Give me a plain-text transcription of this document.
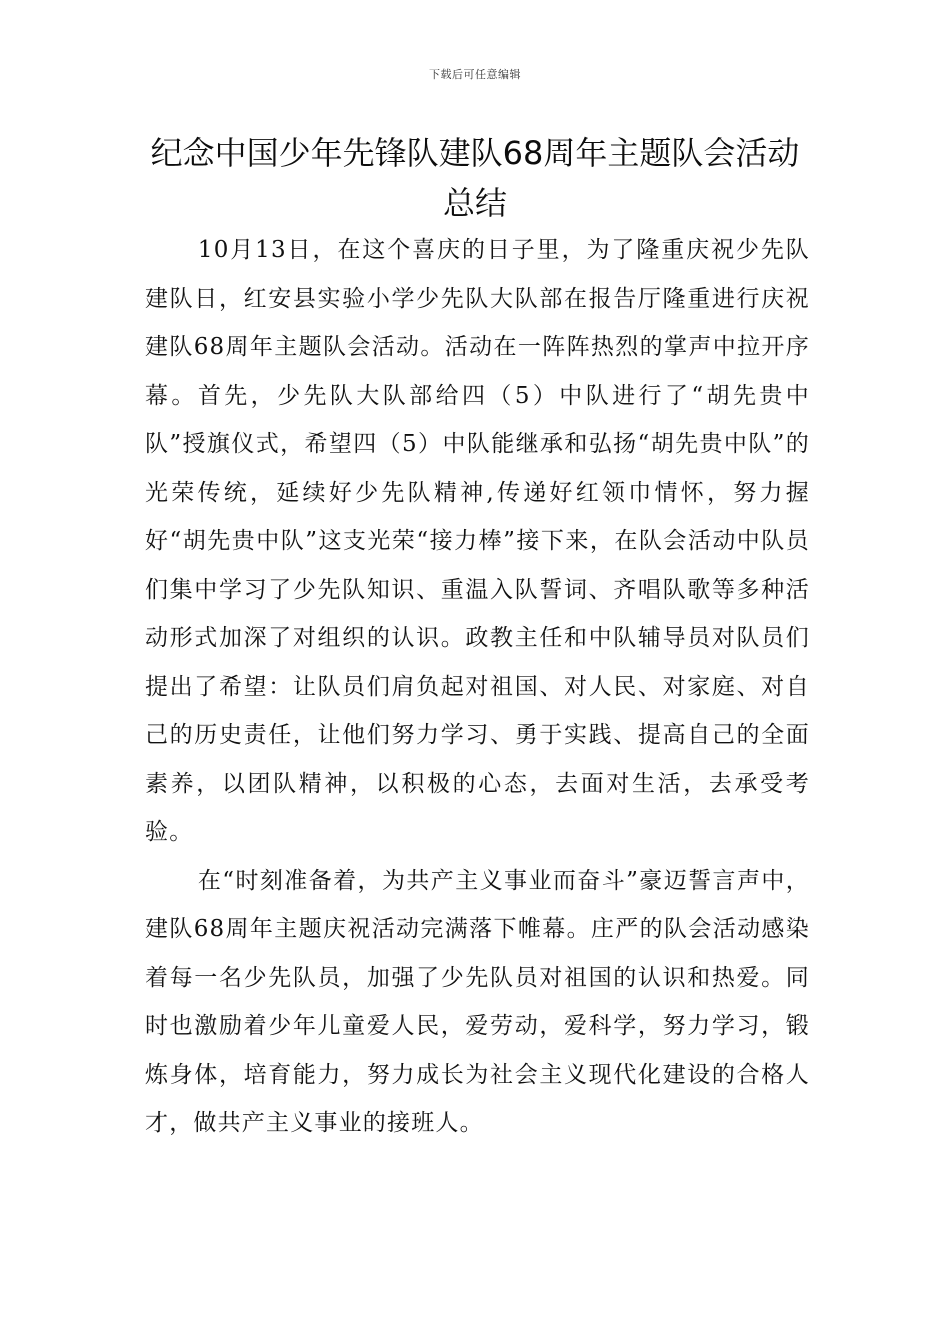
下载后可任意编辑
纪念中国少年先锋队建队68周年主题队会活动总结

10月13日，在这个喜庆的日子里，为了隆重庆祝少先队建队日，红安县实验小学少先队大队部在报告厅隆重进行庆祝建队68周年主题队会活动。活动在一阵阵热烈的掌声中拉开序幕。首先，少先队大队部给四（5）中队进行了“胡先贵中队”授旗仪式，希望四（5）中队能继承和弘扬“胡先贵中队”的光荣传统，延续好少先队精神,传递好红领巾情怀，努力握好“胡先贵中队”这支光荣“接力棒”接下来，在队会活动中队员们集中学习了少先队知识、重温入队誓词、齐唱队歌等多种活动形式加深了对组织的认识。政教主任和中队辅导员对队员们提出了希望：让队员们肩负起对祖国、对人民、对家庭、对自己的历史责任，让他们努力学习、勇于实践、提高自己的全面素养，以团队精神，以积极的心态，去面对生活，去承受考验。

在“时刻准备着，为共产主义事业而奋斗”豪迈誓言声中，建队68周年主题庆祝活动完满落下帷幕。庄严的队会活动感染着每一名少先队员，加强了少先队员对祖国的认识和热爱。同时也激励着少年儿童爱人民，爱劳动，爱科学，努力学习，锻炼身体，培育能力，努力成长为社会主义现代化建设的合格人才，做共产主义事业的接班人。
